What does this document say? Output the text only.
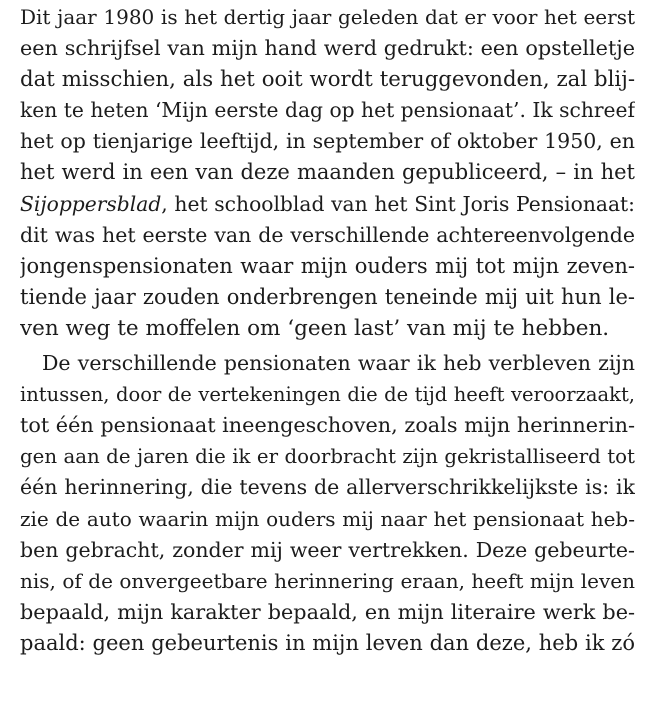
Dit jaar 1980 is het dertig jaar geleden dat er voor het eerst
een schrijfsel van mijn hand werd gedrukt: een opstelletje
dat misschien, als het ooit wordt teruggevonden, zal blij-
ken te heten ‘Mijn eerste dag op het pensionaat’. Ik schreef
het op tienjarige leeftijd, in september of oktober 1950, en
het werd in een van deze maanden gepubliceerd, – in het
Sijoppersblad, het schoolblad van het Sint Joris Pensionaat:
dit was het eerste van de verschillende achtereenvolgende
jongenspensionaten waar mijn ouders mij tot mijn zeven-
tiende jaar zouden onderbrengen teneinde mij uit hun le-
ven weg te moffelen om ‘geen last’ van mij te hebben.
De verschillende pensionaten waar ik heb verbleven zijn
intussen, door de vertekeningen die de tijd heeft veroorzaakt,
tot één pensionaat ineengeschoven, zoals mijn herinnerin-
gen aan de jaren die ik er doorbracht zijn gekristalliseerd tot
één herinnering, die tevens de allerverschrikkelijkste is: ik
zie de auto waarin mijn ouders mij naar het pensionaat heb-
ben gebracht, zonder mij weer vertrekken. Deze gebeurte-
nis, of de onvergeetbare herinnering eraan, heeft mijn leven
bepaald, mijn karakter bepaald, en mijn literaire werk be-
paald: geen gebeurtenis in mijn leven dan deze, heb ik zó
